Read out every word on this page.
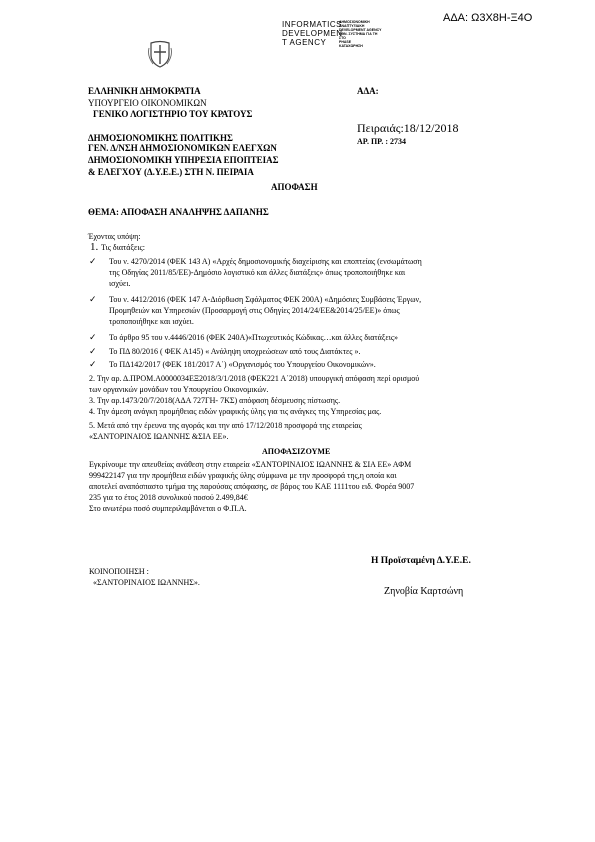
ΑΔΑ: Ω3Χ8Η-Ξ4Ο
INFORMATICS
DEVELOPMEN
T AGENCY
ΔΗΜΟΣΙΟΝΟΜΙΚΗ
ΑΝΑΠΤΥΞΙΑΚΗ
DEVELOPMENT AGENCY
ΕΘΝ. ΣΥΣΤΗΜΑ ΓΙΑ ΤΗ
ΣΤΟ
PHASE
ΚΑΤΑΧΩΡΗΣΗ
ΕΛΛΗΝΙΚΗ ΔΗΜΟΚΡΑΤΙΑ
ΥΠΟΥΡΓΕΙΟ ΟΙΚΟΝΟΜΙΚΩΝ
ΓΕΝΙΚΟ ΛΟΓΙΣΤΗΡΙΟ ΤΟΥ ΚΡΑΤΟΥΣ
ΑΔΑ:
Πειραιάς:18/12/2018
ΑΡ. ΠΡ. : 2734
ΔΗΜΟΣΙΟΝΟΜΙΚΗΣ ΠΟΛΙΤΙΚΗΣ
ΓΕΝ. Δ/ΝΣΗ ΔΗΜΟΣΙΟΝΟΜΙΚΩΝ ΕΛΕΓΧΩΝ
ΔΗΜΟΣΙΟΝΟΜΙΚΗ ΥΠΗΡΕΣΙΑ ΕΠΟΠΤΕΙΑΣ
& ΕΛΕΓΧΟΥ (Δ.Υ.Ε.Ε.) ΣΤΗ Ν. ΠΕΙΡΑΙΑ
ΑΠΟΦΑΣΗ
ΘΕΜΑ: ΑΠΟΦΑΣΗ ΑΝΑΛΗΨΗΣ ΔΑΠΑΝΗΣ
Έχοντας υπόψη:
1. Τις διατάξεις:
✓ Του ν. 4270/2014 (ΦΕΚ 143 Α) «Αρχές δημοσιονομικής διαχείρισης και εποπτείας (ενσωμάτωση
της Οδηγίας 2011/85/ΕΕ)-Δημόσιο λογιστικό και άλλες διατάξεις» όπως τροποποιήθηκε και
ισχύει.
✓ Του ν. 4412/2016 (ΦΕΚ 147 Α-Διόρθωση Σφάλματος ΦΕΚ 200Α) «Δημόσιες Συμβάσεις Έργων,
Προμηθειών και Υπηρεσιών (Προσαρμογή στις Οδηγίες 2014/24/ΕΕ&2014/25/ΕΕ)» όπως
τροποποιήθηκε και ισχύει.
✓ Το άρθρο 95 του ν.4446/2016 (ΦΕΚ 240Α)«Πτωχευτικός Κώδικας…και άλλες διατάξεις»
✓ Το ΠΔ 80/2016 ( ΦΕΚ Α145) « Ανάληψη υποχρεώσεων από τους Διατάκτες ».
✓ Το ΠΔ142/2017 (ΦΕΚ 181/2017 Α΄) «Οργανισμός του Υπουργείου Οικονομικών».
2. Την αρ. Δ.ΠΡΟΜ.Α0000034ΕΞ2018/3/1/2018 (ΦΕΚ221 Α΄2018) υπουργική απόφαση περί ορισμού
των οργανικών μονάδων του Υπουργείου Οικονομικών.
3. Την αρ.1473/20/7/2018(ΑΔΑ 727ΓΗ- 7ΚΣ) απόφαση δέσμευσης πίστωσης.
4. Την άμεση ανάγκη προμήθειας ειδών γραφικής ύλης για τις ανάγκες της Υπηρεσίας μας.
5. Μετά από την έρευνα της αγοράς και την από 17/12/2018 προσφορά της εταιρείας
«ΣΑΝΤΟΡΙΝΑΙΟΣ ΙΩΑΝΝΗΣ &ΣΙΑ ΕΕ».
ΑΠΟΦΑΣΙΖΟΥΜΕ
Εγκρίνουμε την απευθείας ανάθεση στην εταιρεία «ΣΑΝΤΟΡΙΝΑΙΟΣ ΙΩΑΝΝΗΣ & ΣΙΑ ΕΕ» ΑΦΜ
999422147 για την προμήθεια ειδών γραφικής ύλης σύμφωνα με την προσφορά της,η οποία και
αποτελεί αναπόσπαστο τμήμα της παρούσας απόφασης, σε βάρος του ΚΑΕ 1111του ειδ. Φορέα 9007
235 για το έτος 2018 συνολικού ποσού 2.499,84€
Στο ανωτέρω ποσό συμπεριλαμβάνεται ο Φ.Π.Α.
Η Προϊσταμένη Δ.Υ.Ε.Ε.
ΚΟΙΝΟΠΟΙΗΣΗ :
«ΣΑΝΤΟΡΙΝΑΙΟΣ ΙΩΑΝΝΗΣ».
Ζηνοβία Καρτσώνη
